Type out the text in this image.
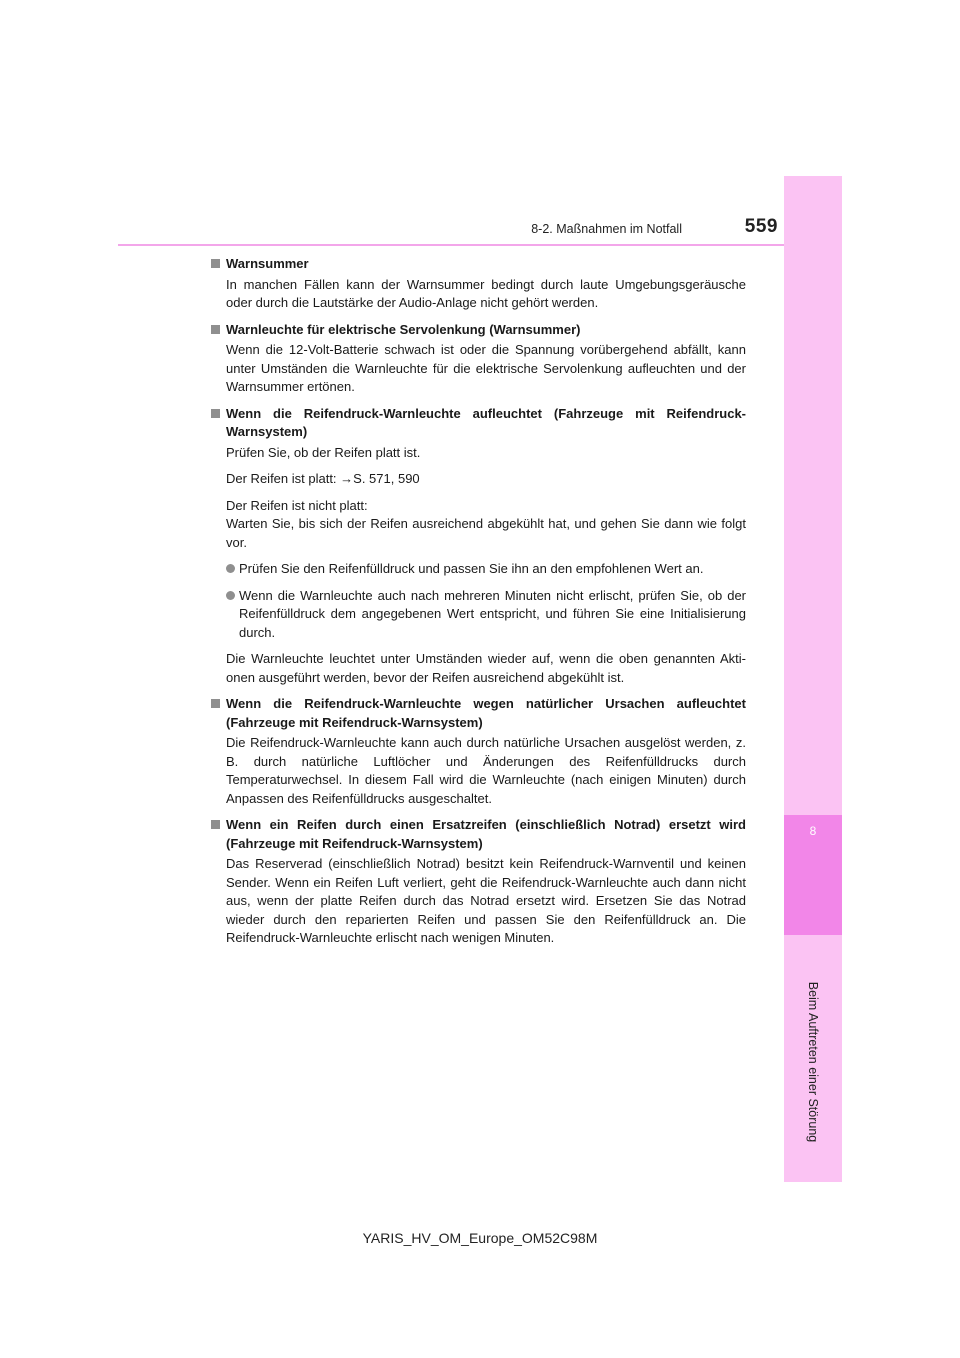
8
Beim Auftreten einer Störung
8-2. Maßnahmen im Notfall	559

Warnsummer

In manchen Fällen kann der Warnsummer bedingt durch laute Umgebungsgeräusche oder durch die Lautstärke der Audio-Anlage nicht gehört werden.

Warnleuchte für elektrische Servolenkung (Warnsummer)

Wenn die 12-Volt-Batterie schwach ist oder die Spannung vorübergehend abfällt, kann unter Umständen die Warnleuchte für die elektrische Servolenkung aufleuchten und der Warnsummer ertönen.

Wenn die Reifendruck-Warnleuchte aufleuchtet (Fahrzeuge mit Reifendruck-Warnsystem)

Prüfen Sie, ob der Reifen platt ist.

Der Reifen ist platt: →S. 571, 590

Der Reifen ist nicht platt:

Warten Sie, bis sich der Reifen ausreichend abgekühlt hat, und gehen Sie dann wie folgt vor.

Prüfen Sie den Reifenfülldruck und passen Sie ihn an den empfohlenen Wert an.

Wenn die Warnleuchte auch nach mehreren Minuten nicht erlischt, prüfen Sie, ob der Reifenfülldruck dem angegebenen Wert entspricht, und führen Sie eine Initialisierung durch.

Die Warnleuchte leuchtet unter Umständen wieder auf, wenn die oben genannten Aktionen ausgeführt werden, bevor der Reifen ausreichend abgekühlt ist.

Wenn die Reifendruck-Warnleuchte wegen natürlicher Ursachen aufleuchtet (Fahrzeuge mit Reifendruck-Warnsystem)

Die Reifendruck-Warnleuchte kann auch durch natürliche Ursachen ausgelöst werden, z. B. durch natürliche Luftlöcher und Änderungen des Reifenfülldrucks durch Temperaturwechsel. In diesem Fall wird die Warnleuchte (nach einigen Minuten) durch Anpassen des Reifenfülldrucks ausgeschaltet.

Wenn ein Reifen durch einen Ersatzreifen (einschließlich Notrad) ersetzt wird (Fahrzeuge mit Reifendruck-Warnsystem)

Das Reserverad (einschließlich Notrad) besitzt kein Reifendruck-Warnventil und keinen Sender. Wenn ein Reifen Luft verliert, geht die Reifendruck-Warnleuchte auch dann nicht aus, wenn der platte Reifen durch das Notrad ersetzt wird. Ersetzen Sie das Notrad wieder durch den reparierten Reifen und passen Sie den Reifenfülldruck an. Die Reifendruck-Warnleuchte erlischt nach wenigen Minuten.

YARIS_HV_OM_Europe_OM52C98M
